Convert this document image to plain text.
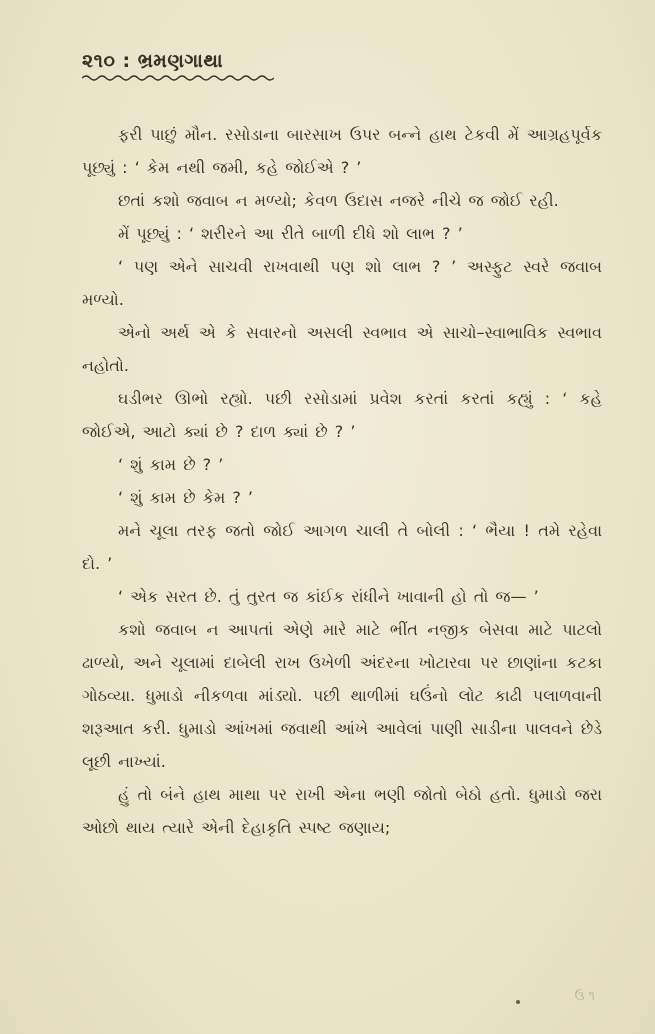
૨૧૦ : ભ્રમણગાથા

ફરી પાછું મૌન. રસોડાના બારસાખ ઉપર બન્ને હાથ ટેકવી મેં આગ્રહપૂર્વક પૂછ્યું : ‘ કેમ નથી જમી, કહે જોઈએ ? ’

છતાં કશો જવાબ ન મળ્યો; કેવળ ઉદાસ નજરે નીચે જ જોઈ રહી.

મેં પૂછ્યું : ‘ શરીરને આ રીતે બાળી દીધે શો લાભ ? ’

‘ પણ એને સાચવી રાખવાથી પણ શો લાભ ? ’ અસ્ફુટ સ્વરે જવાબ મળ્યો.

એનો અર્થ એ કે સવારનો અસલી સ્વભાવ એ સાચો–સ્વાભાવિક સ્વભાવ નહોતો.

ઘડીભર ઊભો રહ્યો. પછી રસોડામાં પ્રવેશ કરતાં કરતાં કહ્યું : ‘ કહે જોઈએ, આટો ક્યાં છે ? દાળ ક્યાં છે ? ’

‘ શું કામ છે ? ’

‘ શું કામ છે કેમ ? ’

મને ચૂલા તરફ જતો જોઈ આગળ ચાલી તે બોલી : ‘ ભૈયા ! તમે રહેવા દો. ’

‘ એક સરત છે. તું તુરત જ કાંઈક રાંધીને ખાવાની હો તો જ— ’

કશો જવાબ ન આપતાં એણે મારે માટે ભીંત નજીક બેસવા માટે પાટલો ઢાળ્યો, અને ચૂલામાં દાબેલી રાખ ઉખેળી અંદરના ખોટારવા પર છાણાંના કટકા ગોઠવ્યા. ધુમાડો નીકળવા માંડ્યો. પછી થાળીમાં ઘઉંનો લોટ કાઢી પલાળવાની શરૂઆત કરી. ધુમાડો આંખમાં જવાથી આંખે આવેલાં પાણી સાડીના પાલવને છેડે લૂછી નાખ્યાં.

હું તો બંને હાથ માથા પર રાખી એના ભણી જોતો બેઠો હતો. ધુમાડો જરા ઓછો થાય ત્યારે એની દેહાકૃતિ સ્પષ્ટ જણાય;

ઉ ૧
